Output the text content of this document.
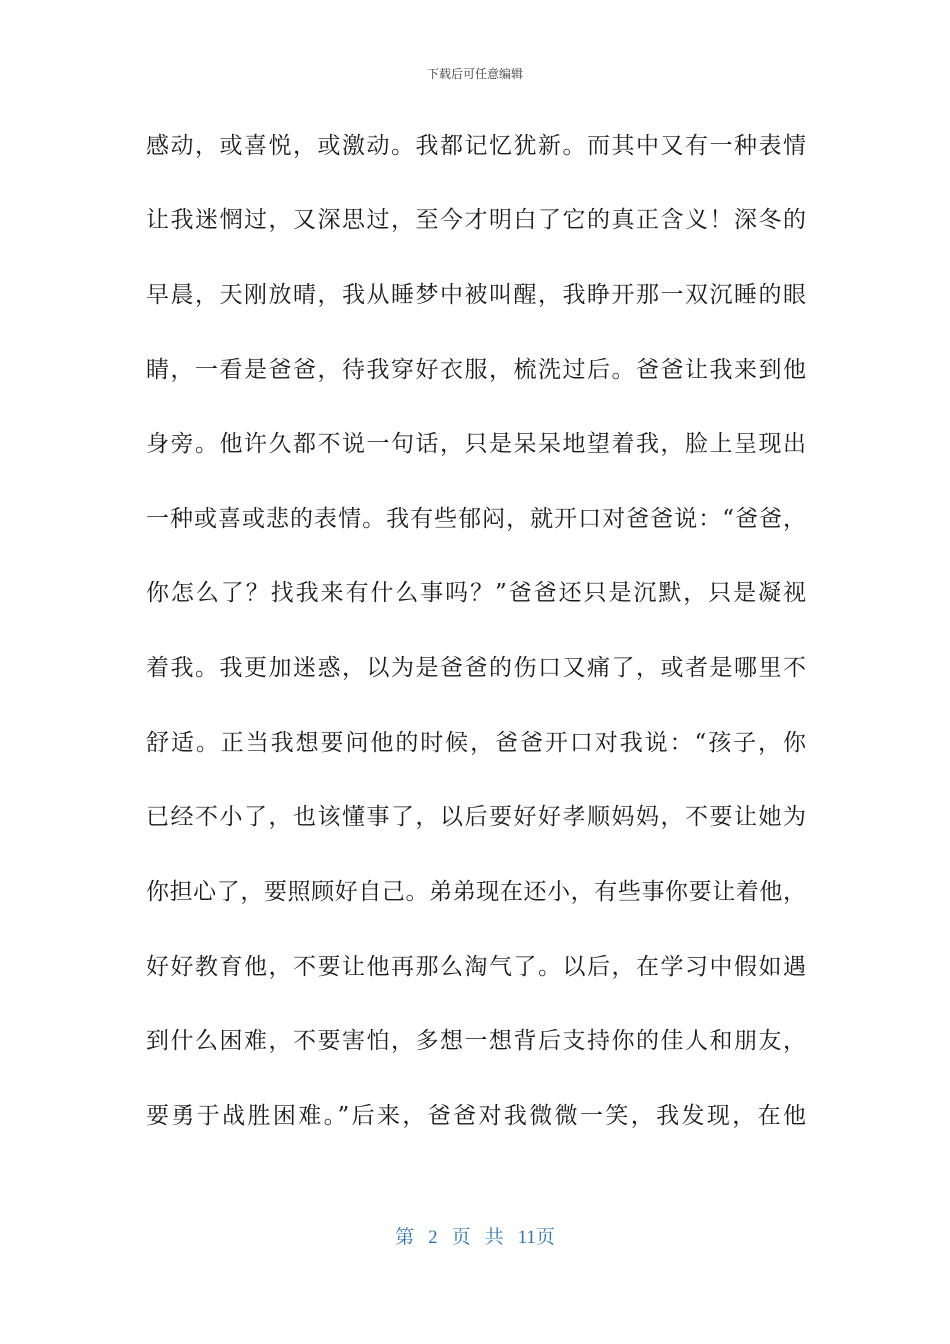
下载后可任意编辑
感动，或喜悦，或激动。我都记忆犹新。而其中又有一种表情
让我迷惘过，又深思过，至今才明白了它的真正含义！深冬的
早晨，天刚放晴，我从睡梦中被叫醒，我睁开那一双沉睡的眼
睛，一看是爸爸，待我穿好衣服，梳洗过后。爸爸让我来到他
身旁。他许久都不说一句话，只是呆呆地望着我，脸上呈现出
一种或喜或悲的表情。我有些郁闷，就开口对爸爸说：“爸爸，
你怎么了？找我来有什么事吗？”爸爸还只是沉默，只是凝视
着我。我更加迷惑，以为是爸爸的伤口又痛了，或者是哪里不
舒适。正当我想要问他的时候，爸爸开口对我说：“孩子，你
已经不小了，也该懂事了，以后要好好孝顺妈妈，不要让她为
你担心了，要照顾好自己。弟弟现在还小，有些事你要让着他，
好好教育他，不要让他再那么淘气了。以后，在学习中假如遇
到什么困难，不要害怕，多想一想背后支持你的佳人和朋友，
要勇于战胜困难。”后来，爸爸对我微微一笑，我发现，在他
第 2 页 共 11页
